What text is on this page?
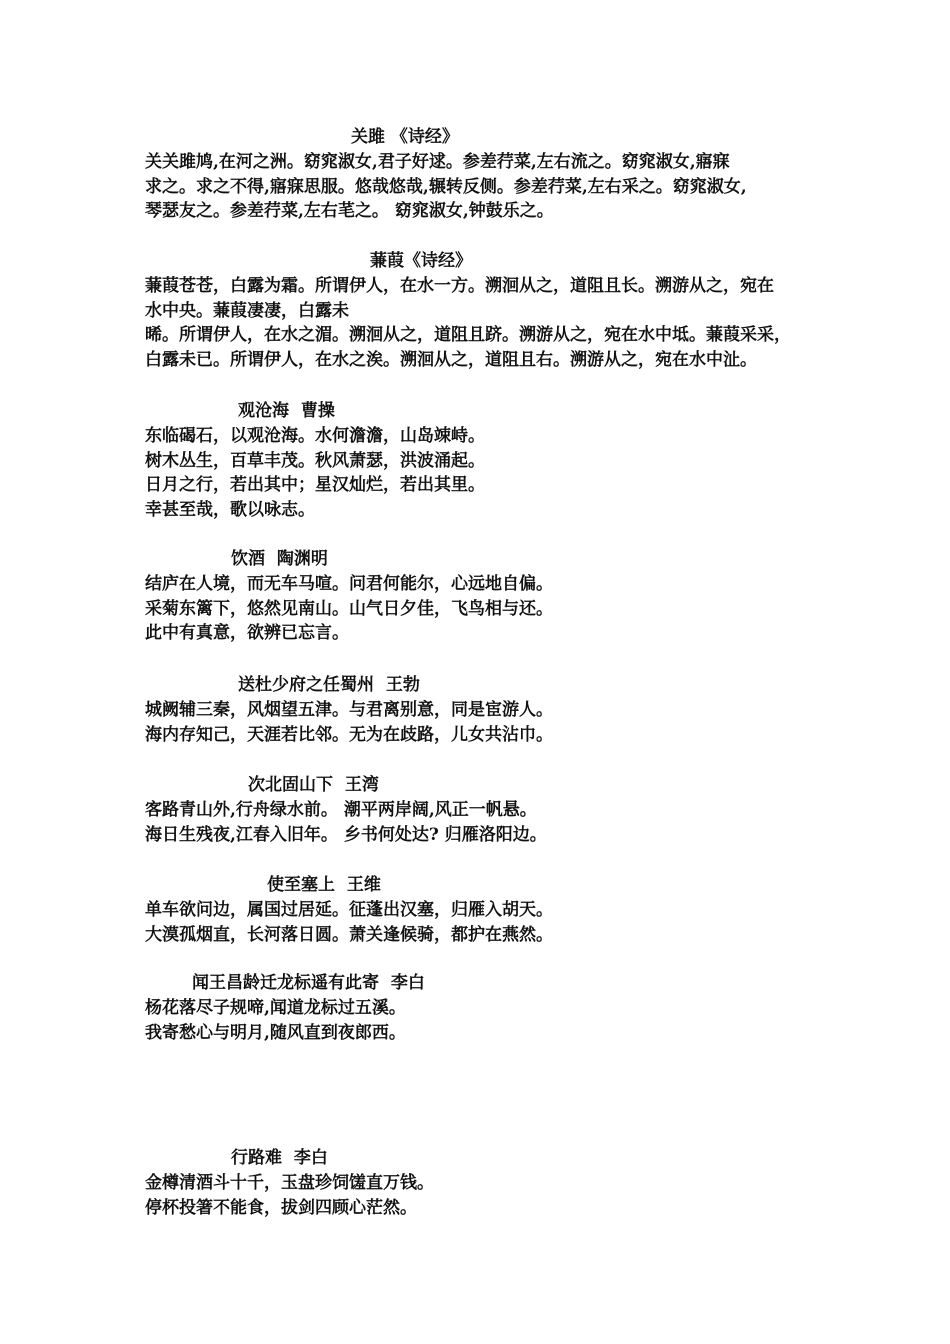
关雎 《诗经》
关关雎鸠,在河之洲。窈窕淑女,君子好逑。参差荇菜,左右流之。窈窕淑女,寤寐
求之。求之不得,寤寐思服。悠哉悠哉,辗转反侧。参差荇菜,左右采之。窈窕淑女,
琴瑟友之。参差荇菜,左右芼之。 窈窕淑女,钟鼓乐之。
蒹葭《诗经》
蒹葭苍苍，白露为霜。所谓伊人，在水一方。溯洄从之，道阻且长。溯游从之，宛在
水中央。蒹葭凄凄，白露未
晞。所谓伊人，在水之湄。溯洄从之，道阻且跻。溯游从之，宛在水中坻。蒹葭采采，
白露未已。所谓伊人，在水之涘。溯洄从之，道阻且右。溯游从之，宛在水中沚。
观沧海  曹操
东临碣石，以观沧海。水何澹澹，山岛竦峙。
树木丛生，百草丰茂。秋风萧瑟，洪波涌起。
日月之行，若出其中；星汉灿烂，若出其里。
幸甚至哉，歌以咏志。
饮酒  陶渊明
结庐在人境，而无车马喧。问君何能尔，心远地自偏。
采菊东篱下，悠然见南山。山气日夕佳，飞鸟相与还。
此中有真意，欲辨已忘言。
送杜少府之任蜀州  王勃
城阙辅三秦，风烟望五津。与君离别意，同是宦游人。
海内存知己，天涯若比邻。无为在歧路，儿女共沾巾。
次北固山下  王湾
客路青山外,行舟绿水前。 潮平两岸阔,风正一帆悬。
海日生残夜,江春入旧年。 乡书何处达? 归雁洛阳边。
使至塞上  王维
单车欲问边，属国过居延。征蓬出汉塞，归雁入胡天。
大漠孤烟直，长河落日圆。萧关逢候骑，都护在燕然。
闻王昌龄迁龙标遥有此寄  李白
杨花落尽子规啼,闻道龙标过五溪。
我寄愁心与明月,随风直到夜郎西。
行路难  李白
金樽清酒斗十千，玉盘珍饲馐直万钱。
停杯投箸不能食，拔剑四顾心茫然。
